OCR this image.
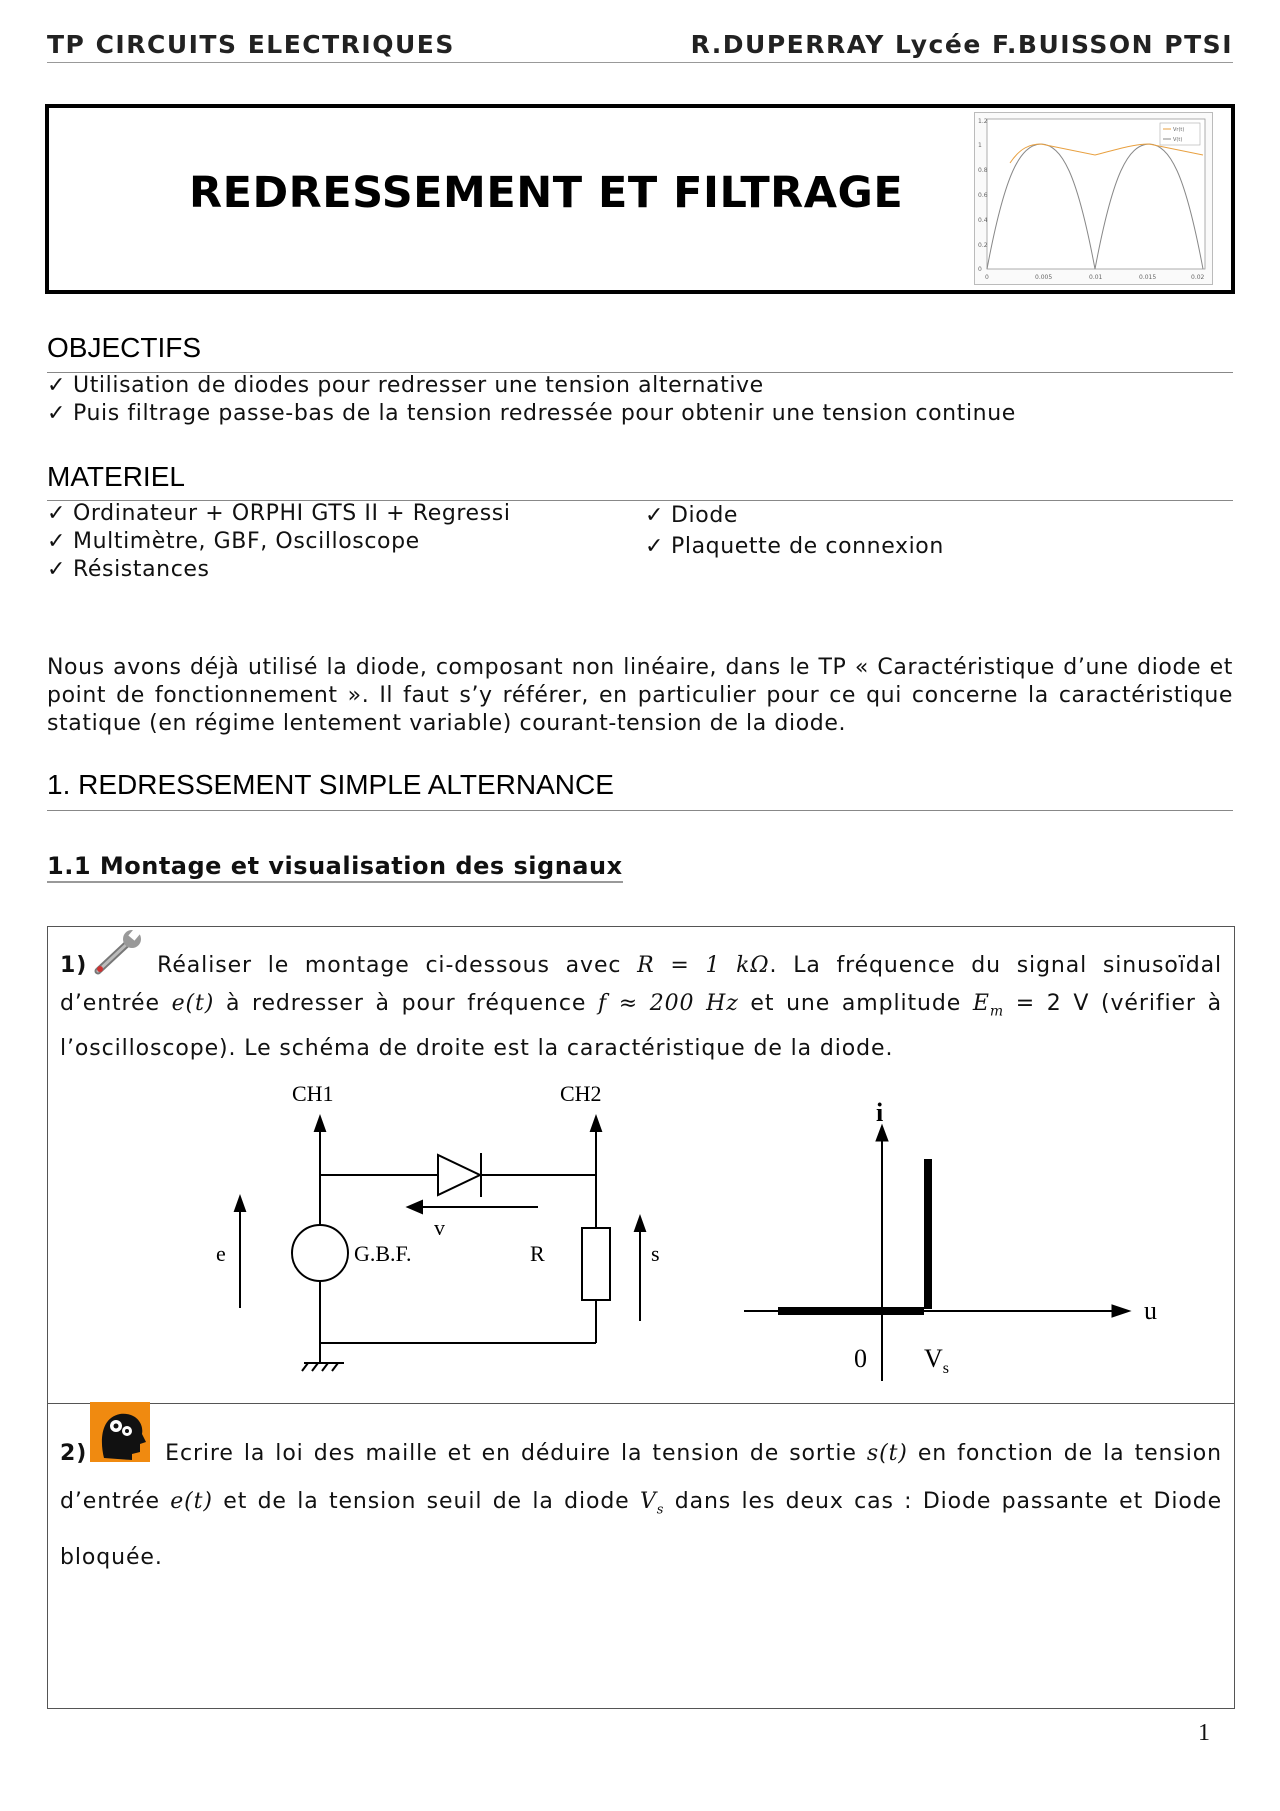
TP CIRCUITS ELECTRIQUES	R.DUPERRAY Lycée F.BUISSON PTSI
REDRESSEMENT ET FILTRAGE
1.2
1
0.8
0.6
0.4
0.2
0
0	0.005	0.01	0.015	0.02
Vr(t)
V(t)
OBJECTIFS
✓ Utilisation de diodes pour redresser une tension alternative
✓ Puis filtrage passe-bas de la tension redressée pour obtenir une tension continue
MATERIEL
✓ Ordinateur + ORPHI GTS II + Regressi
✓ Multimètre, GBF, Oscilloscope
✓ Résistances
✓ Diode
✓ Plaquette de connexion
Nous avons déjà utilisé la diode, composant non linéaire, dans le TP « Caractéristique d’une diode et point de fonctionnement ». Il faut s’y référer, en particulier pour ce qui concerne la caractéristique statique (en régime lentement variable) courant-tension de la diode.
1. REDRESSEMENT SIMPLE ALTERNANCE
1.1 Montage et visualisation des signaux
1)	Réaliser le montage ci-dessous avec R = 1 kΩ. La fréquence du signal sinusoïdal d’entrée e(t) à redresser à pour fréquence f ≈ 200 Hz et une amplitude $E_m = 2$ V (vérifier à l’oscilloscope). Le schéma de droite est la caractéristique de la diode.
CH1	CH2
e	G.B.F.
v
R	s
i
u
0 $V_s$
2)	Ecrire la loi des maille et en déduire la tension de sortie s(t) en fonction de la tension d’entrée e(t) et de la tension seuil de la diode $V_s$ dans les deux cas : Diode passante et Diode bloquée.
1
